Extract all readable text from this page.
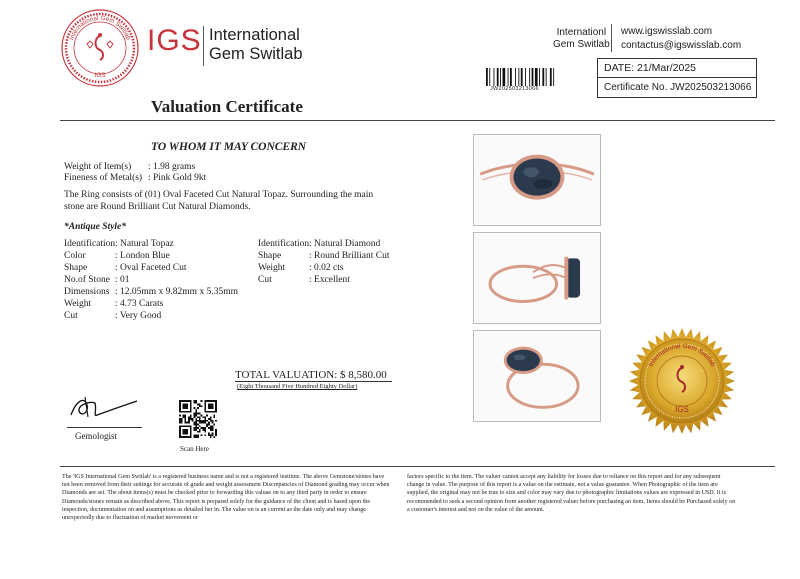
International Gem Switlab
IGS
IGS International
Gem Switlab
Internationl
Gem Switlab
www.igswisslab.com
contactus@igswisslab.com
JW202503213066
DATE: 21/Mar/2025
Certificate No. JW202503213066
Valuation Certificate
TO WHOM IT MAY CONCERN
Weight of Item(s) : 1.98 grams
Fineness of Metal(s) : Pink Gold 9kt
The Ring consists of (01) Oval Faceted Cut Natural Topaz. Surrounding the main stone are Round Brilliant Cut Natural Diamonds.
*Antique Style*
Identification : Natural Topaz
Color	: London Blue
Shape	: Oval Faceted Cut
No.of Stone : 01
Dimensions : 12.05mm x 9.82mm x 5.35mm
Weight	: 4.73 Carats
Cut	: Very Good
Identification : Natural Diamond
Shape	: Round Brilliant Cut
Weight	: 0.02 cts
Cut	: Excellent
TOTAL VALUATION: $ 8,580.00
(Eight Thousand Five Hundred Eighty Dollar)
Gemologist
Scan Here
International Gem Switlab
IGS
The 'IGS International Gem Switlab' is a registered business name and is not a registered institute. The above Gemstone/stones have not been removed from their settings for accurate of grade and weight assessment Discrepancies of Diamond grading may occur when Diamonds are set. The about items(s) must be checked prior to forwarding this valuae on to any third party in order to ensure Diamonds/stones remain as described above. This report is prepared solely for the guidance of the client and is based upon the inspection, documentation on and assumptions as detailed her in. The value on is an current as the date only and may change unexpectedly due to fluctuation of market movement or
factors specific to the item. The valuer cannot accept any liability for losses due to reliance on this report and for any subsequent change in value. The purpose of this report is a value on the estimate, not a value guarantee. When Photographic of the item are supplied, the original may not be true to size and color may vary due to photographic limitations values are expressed in USD. It is recommended to seek a second opinion from another registered valuer before purchasing an item. Items should be Purchased solely on a customer's interest and not on the value of the amount.
